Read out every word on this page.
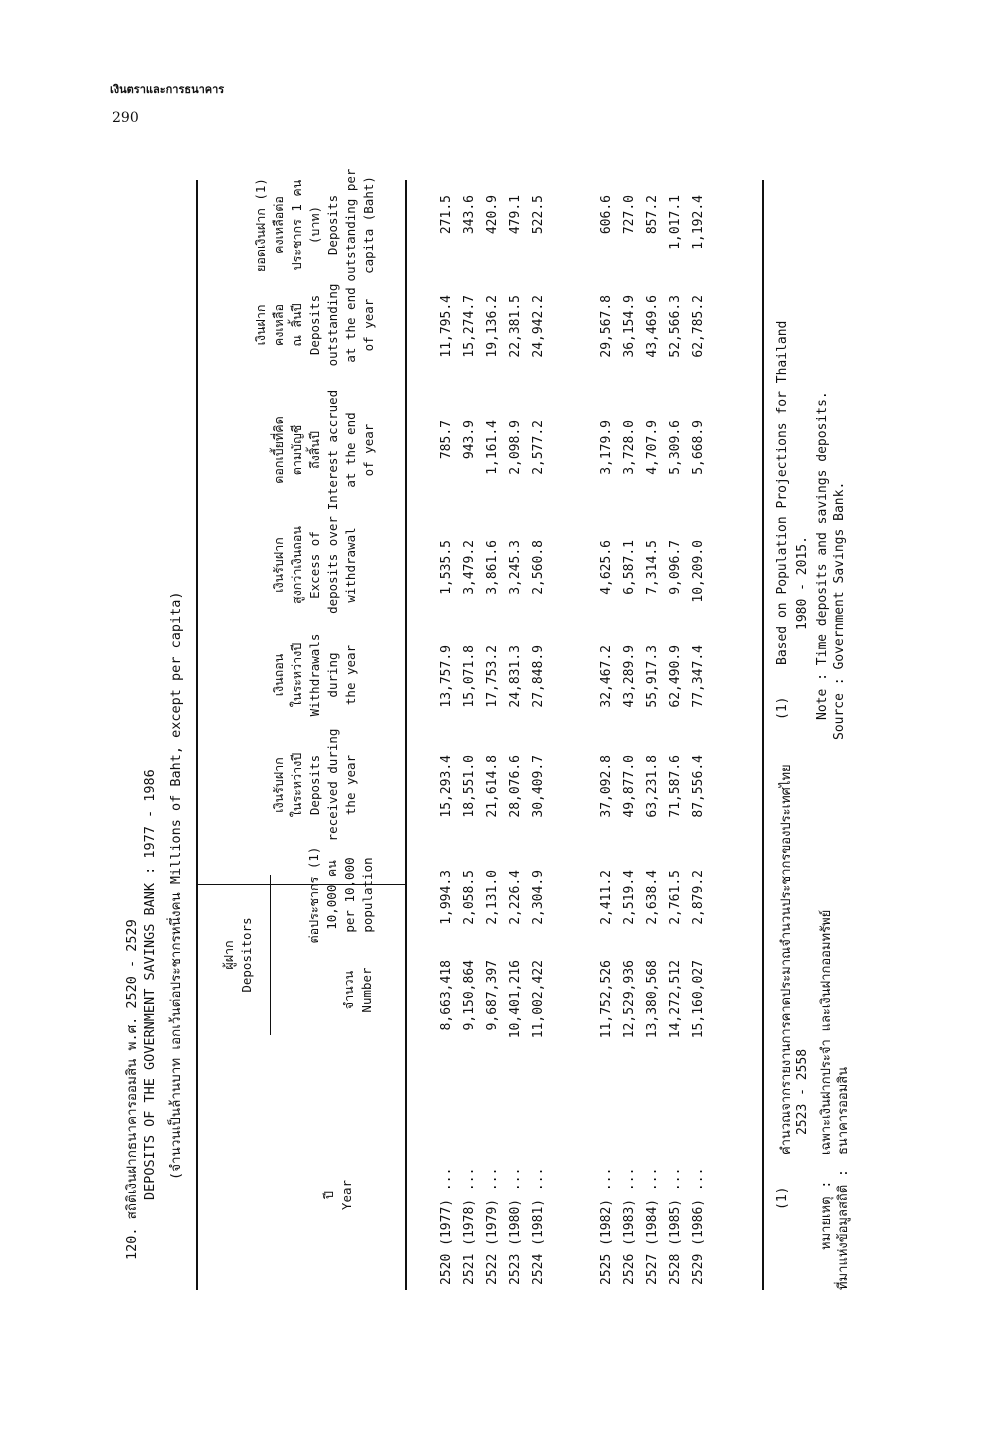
เงินตราและการธนาคาร
290
120. สถิติเงินฝากธนาคารออมสิน พ.ศ. 2520 - 2529 DEPOSITS OF THE GOVERNMENT SAVINGS BANK : 1977 - 1986 (จำนวนเป็นล้านบาท เอกเว้นต่อประชากรหนึ่งคน Millions of Baht, except per capita)
ปี Year
ผู้ฝาก Depositors	จำนวน Number
ต่อประชากร (1) 10,000 คน per 10,000 population
เงินรับฝาก ในระหว่างปี Deposits received during the year
เงินถอน ในระหว่างปี Withdrawals during the year
เงินรับฝาก สูงกว่าเงินถอน Excess of deposits over withdrawal
ดอกเบี้ยที่คิด ตามบัญชี ถึงสิ้นปี Interest accrued at the end of year
เงินฝาก คงเหลือ ณ สิ้นปี Deposits outstanding at the end of year
ยอดเงินฝาก (1) คงเหลือต่อ ประชากร 1 คน (บาท) Deposits outstanding per capita (Baht)
2520 (1977) ... 2521 (1978) ... 2522 (1979) ... 2523 (1980) ... 2524 (1981) ...
8,663,418 9,150,864 9,687,397 10,401,216 11,002,422
1,994.3 2,058.5 2,131.0 2,226.4 2,304.9
15,293.4 18,551.0 21,614.8 28,076.6 30,409.7
13,757.9 15,071.8 17,753.2 24,831.3 27,848.9
1,535.5 3,479.2 3,861.6 3,245.3 2,560.8
785.7 943.9 1,161.4 2,098.9 2,577.2
11,795.4 15,274.7 19,136.2 22,381.5 24,942.2
271.5 343.6 420.9 479.1 522.5
2525 (1982) ... 2526 (1983) ... 2527 (1984) ... 2528 (1985) ... 2529 (1986) ...
11,752,526 12,529,936 13,380,568 14,272,512 15,160,027
2,411.2 2,519.4 2,638.4 2,761.5 2,879.2
37,092.8 49,877.0 63,231.8 71,587.6 87,556.4
32,467.2 43,289.9 55,917.3 62,490.9 77,347.4
4,625.6 6,587.1 7,314.5 9,096.7 10,209.0
3,179.9 3,728.0 4,707.9 5,309.6 5,668.9
29,567.8 36,154.9 43,469.6 52,566.3 62,785.2
606.6 727.0 857.2 1,017.1 1,192.4
(1)
คำนวณจากรายงานการคาดประมาณจำนวนประชากรของประเทศไทย 2523 - 2558
หมายเหตุ :
เฉพาะเงินฝากประจำ และเงินฝากออมทรัพย์
ที่มาแห่งข้อมูลสถิติ :
ธนาคารออมสิน
(1)
Based on Population Projections for Thailand 1980 - 2015. Note : Time deposits and savings deposits. Source : Government Savings Bank.
